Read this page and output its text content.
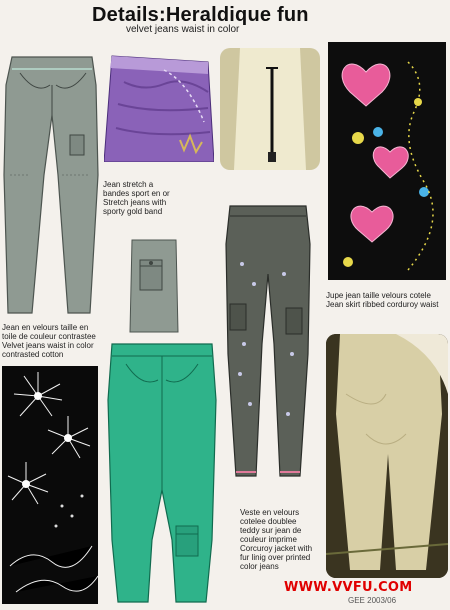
Details:Heraldique fun
velvet jeans waist in color
Jean stretch a
bandes sport en or
Stretch jeans with
sporty gold band
Jupe jean taille velours cotele
Jean skirt ribbed corduroy waist
Jean en velours taille en
toile de couleur contrastee
Velvet jeans waist in color
contrasted cotton
Veste en velours
cotelee doublee
teddy sur jean de
couleur imprime
Corcuroy jacket with
fur linig over printed
color jeans
WWW.VVFU.COM
GEE 2003/06
